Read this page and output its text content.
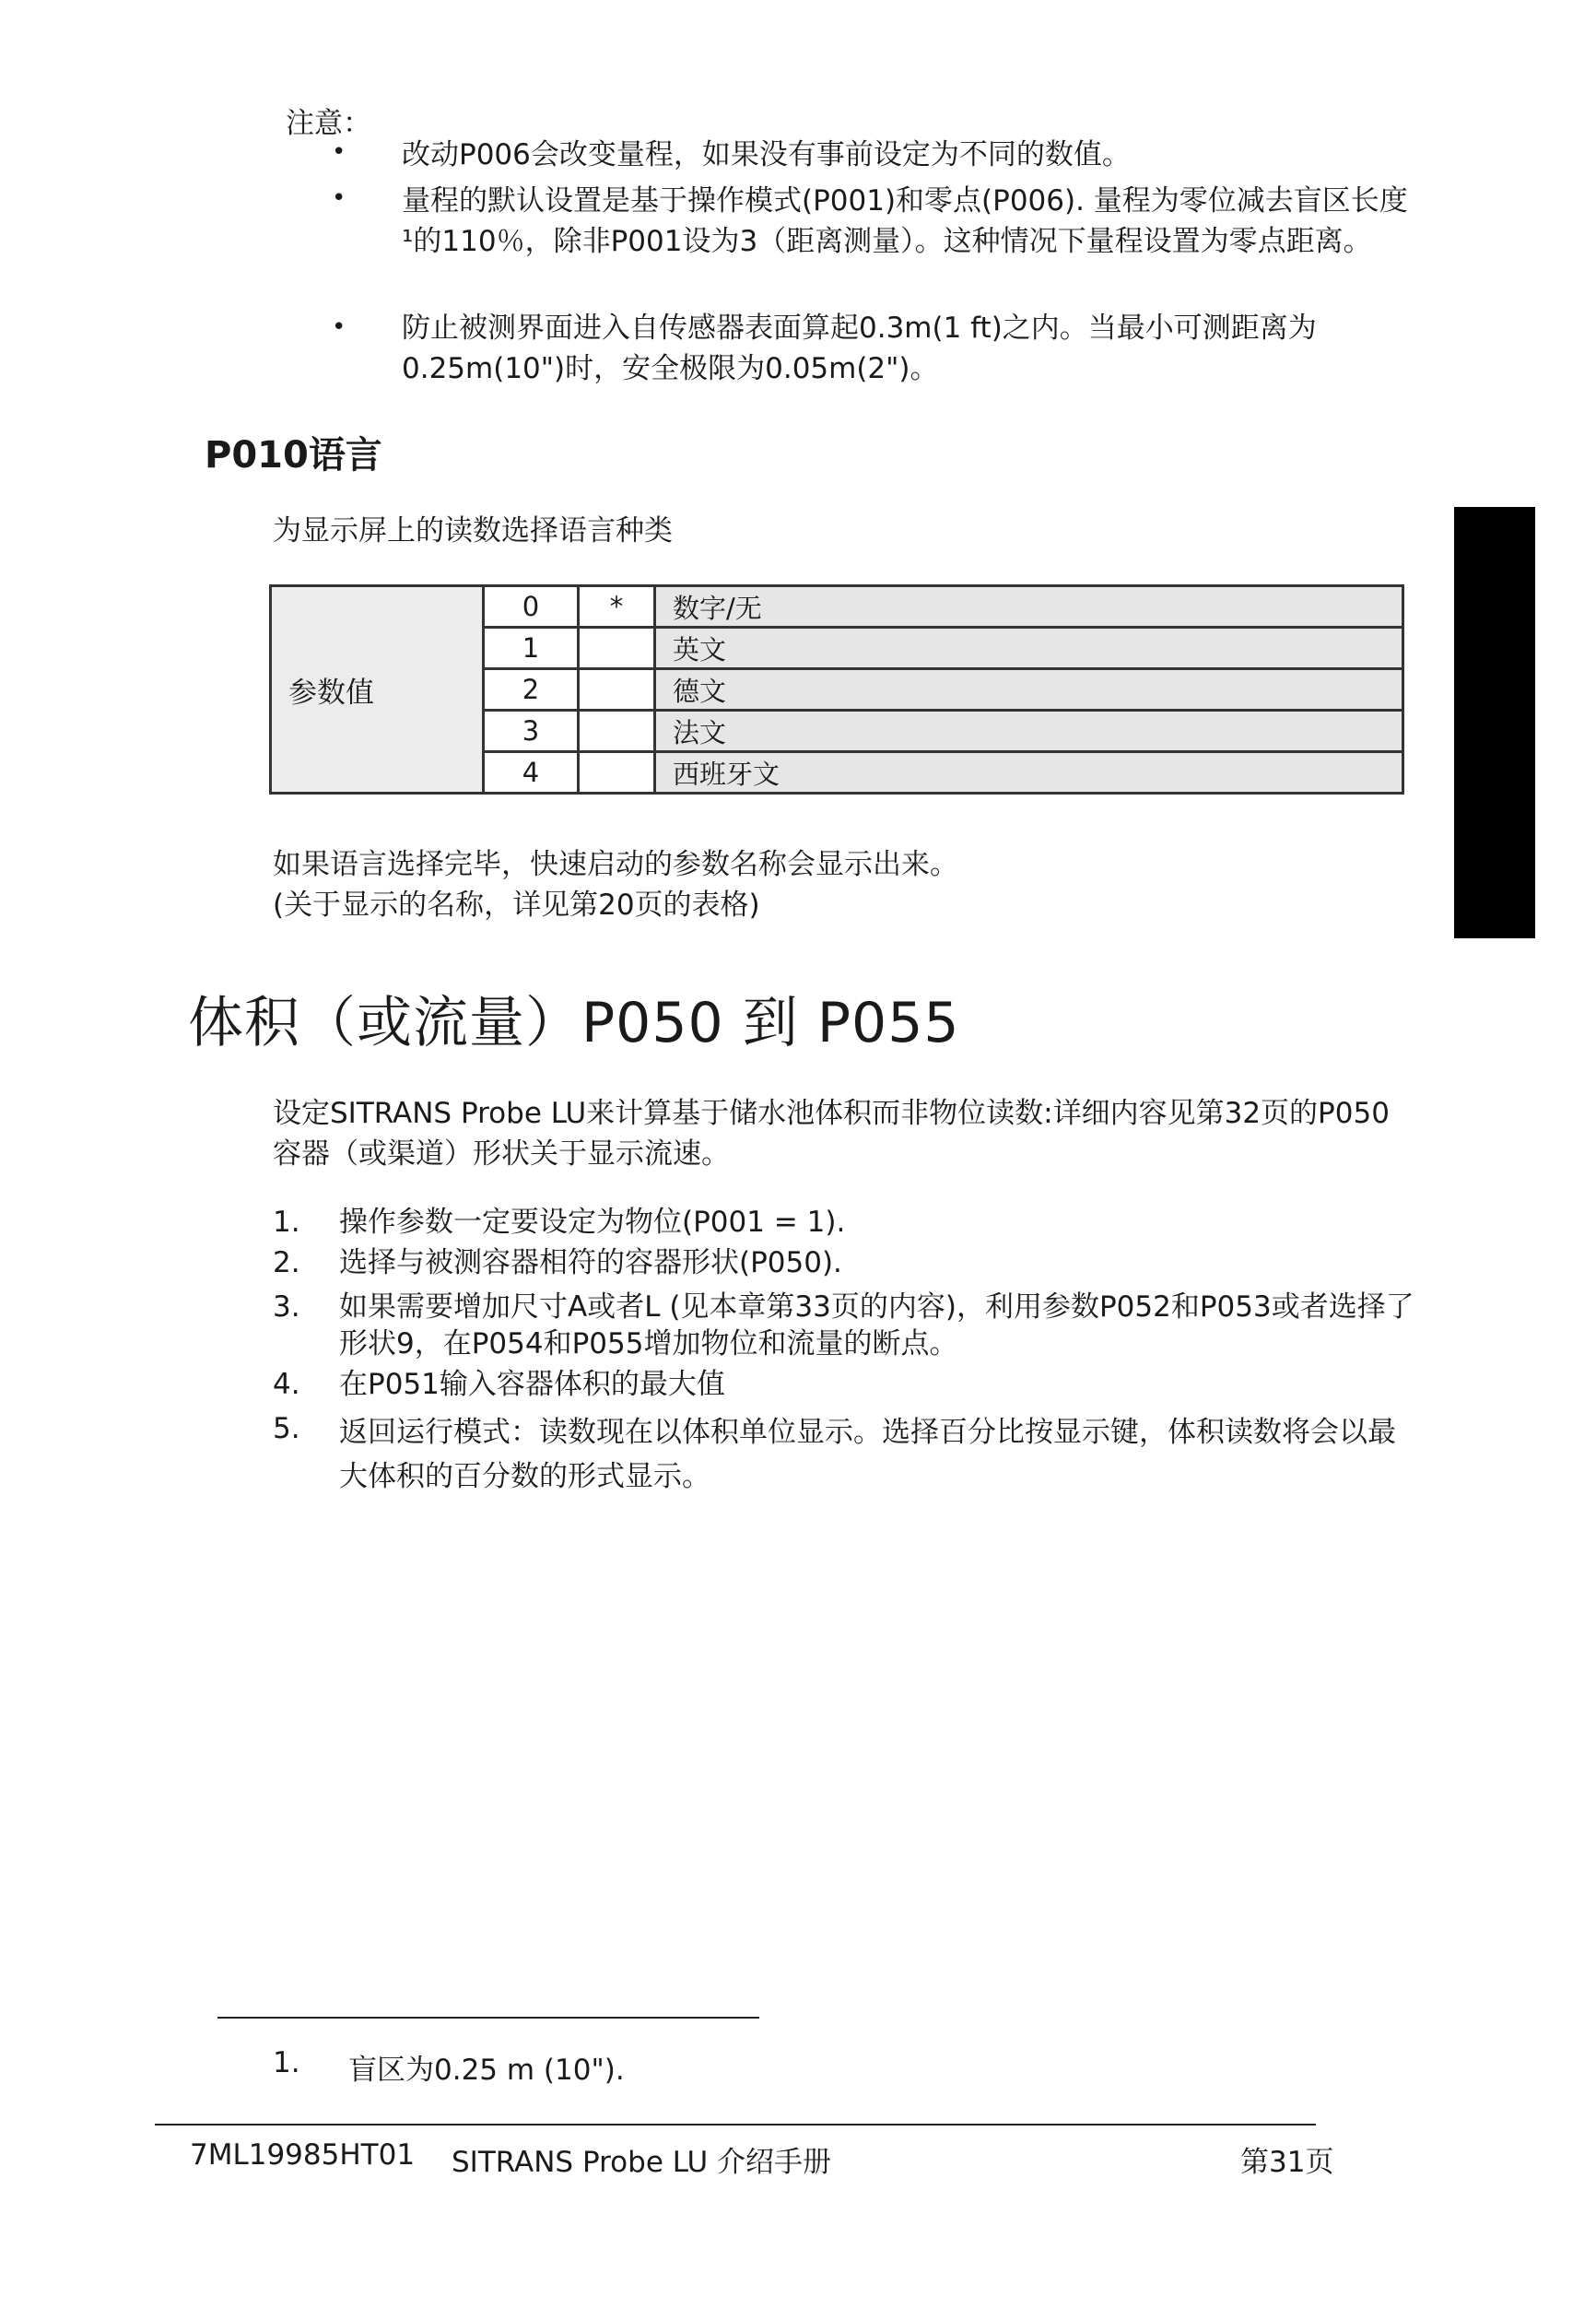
注意：
• 改动P006会改变量程，如果没有事前设定为不同的数值。
• 量程的默认设置是基于操作模式(P001)和零点(P006). 量程为零位减去盲区长度¹的110％，除非P001设为3（距离测量）。这种情况下量程设置为零点距离。
• 防止被测界面进入自传感器表面算起0.3m(1 ft)之内。当最小可测距离为0.25m(10")时，安全极限为0.05m(2")。
P010语言
为显示屏上的读数选择语言种类
参数值	0	*	数字/无
	1		英文
	2		德文
	3		法文
	4		西班牙文
如果语言选择完毕，快速启动的参数名称会显示出来。
(关于显示的名称，详见第20页的表格)
体积（或流量）P050 到 P055
设定SITRANS Probe LU来计算基于储水池体积而非物位读数:详细内容见第32页的P050容器（或渠道）形状关于显示流速。
1. 操作参数一定要设定为物位(P001 = 1).
2. 选择与被测容器相符的容器形状(P050).
3. 如果需要增加尺寸A或者L (见本章第33页的内容)，利用参数P052和P053或者选择了形状9，在P054和P055增加物位和流量的断点。
4. 在P051输入容器体积的最大值
5. 返回运行模式：读数现在以体积单位显示。选择百分比按显示键，体积读数将会以最大体积的百分数的形式显示。
1. 盲区为0.25 m (10").
7ML19985HT01 SITRANS Probe LU 介绍手册	第31页
